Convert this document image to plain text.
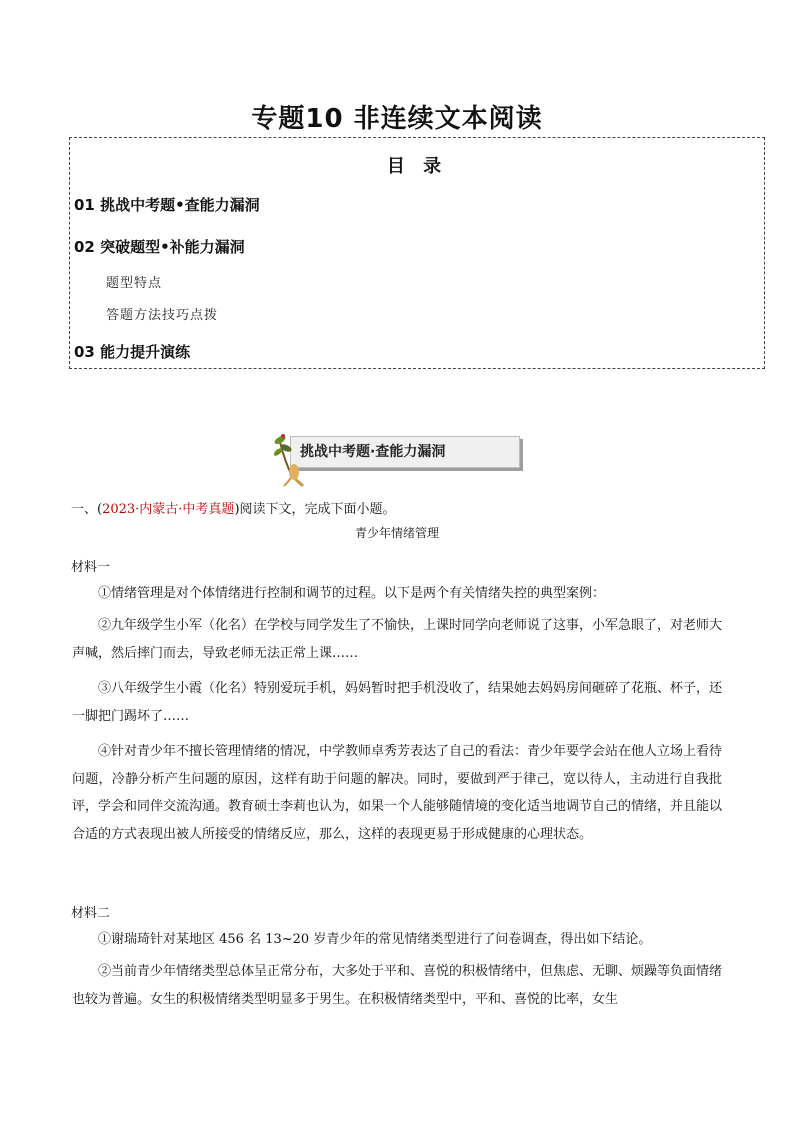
专题10 非连续文本阅读
目 录
01 挑战中考题•查能力漏洞
02 突破题型•补能力漏洞
题型特点
答题方法技巧点拨
03 能力提升演练
挑战中考题·查能力漏洞
一、(2023·内蒙古·中考真题)阅读下文，完成下面小题。
青少年情绪管理
材料一
①情绪管理是对个体情绪进行控制和调节的过程。以下是两个有关情绪失控的典型案例：
②九年级学生小军（化名）在学校与同学发生了不愉快，上课时同学向老师说了这事，小军急眼了，对老师大声喊，然后摔门而去，导致老师无法正常上课……
③八年级学生小霞（化名）特别爱玩手机，妈妈暂时把手机没收了，结果她去妈妈房间砸碎了花瓶、杯子，还一脚把门踢坏了……
④针对青少年不擅长管理情绪的情况，中学教师卓秀芳表达了自己的看法：青少年要学会站在他人立场上看待问题，冷静分析产生问题的原因，这样有助于问题的解决。同时，要做到严于律己，宽以待人，主动进行自我批评，学会和同伴交流沟通。教育硕士李莉也认为，如果一个人能够随情境的变化适当地调节自己的情绪，并且能以合适的方式表现出被人所接受的情绪反应，那么，这样的表现更易于形成健康的心理状态。
材料二
①谢瑞琦针对某地区 456 名 13~20 岁青少年的常见情绪类型进行了问卷调查，得出如下结论。
②当前青少年情绪类型总体呈正常分布，大多处于平和、喜悦的积极情绪中，但焦虑、无聊、烦躁等负面情绪也较为普遍。女生的积极情绪类型明显多于男生。在积极情绪类型中，平和、喜悦的比率，女生
